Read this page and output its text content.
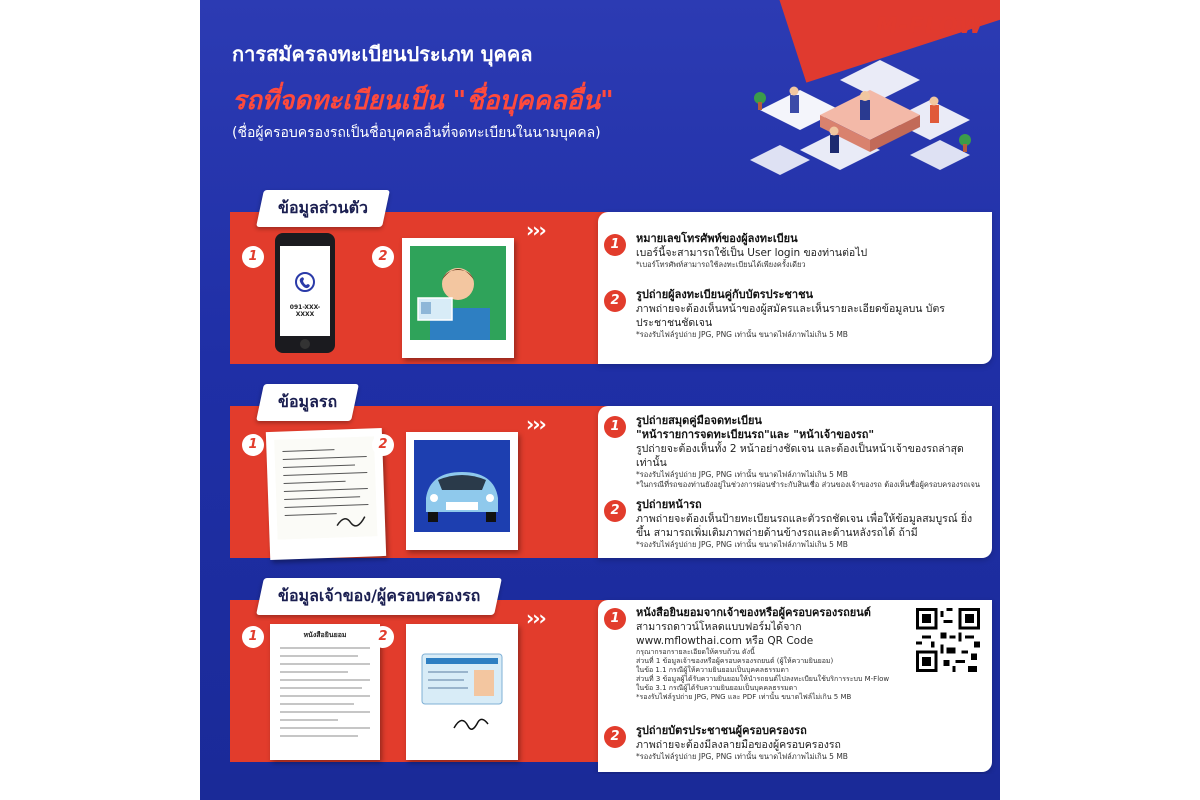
M-FLOW
การสมัครลงทะเบียนประเภท บุคคล
รถที่จดทะเบียนเป็น "ชื่อบุคคลอื่น"
(ชื่อผู้ครอบครองรถเป็นชื่อบุคคลอื่นที่จดทะเบียนในนามบุคคล)
ข้อมูลส่วนตัว
›››
1
091-XXX-XXXX
2
1	หมายเลขโทรศัพท์ของผู้ลงทะเบียน
เบอร์นี้จะสามารถใช้เป็น User login ของท่านต่อไป
*เบอร์โทรศัพท์สามารถใช้ลงทะเบียนได้เพียงครั้งเดียว
2	รูปถ่ายผู้ลงทะเบียนคู่กับบัตรประชาชน
ภาพถ่ายจะต้องเห็นหน้าของผู้สมัครและเห็นรายละเอียดข้อมูลบน บัตรประชาชนชัดเจน
*รองรับไฟล์รูปถ่าย JPG, PNG เท่านั้น ขนาดไฟล์ภาพไม่เกิน 5 MB
ข้อมูลรถ
›››
1	2
1	รูปถ่ายสมุดคู่มือจดทะเบียน
"หน้ารายการจดทะเบียนรถ"และ "หน้าเจ้าของรถ"
รูปถ่ายจะต้องเห็นทั้ง 2 หน้าอย่างชัดเจน และต้องเป็นหน้าเจ้าของรถล่าสุดเท่านั้น
*รองรับไฟล์รูปถ่าย JPG, PNG เท่านั้น ขนาดไฟล์ภาพไม่เกิน 5 MB
*ในกรณีที่รถของท่านยังอยู่ในช่วงการผ่อนชำระกับสินเชื่อ ส่วนของเจ้าของรถ ต้องเห็นชื่อผู้ครอบครองรถเจน
2	รูปถ่ายหน้ารถ
ภาพถ่ายจะต้องเห็นป้ายทะเบียนรถและตัวรถชัดเจน เพื่อให้ข้อมูลสมบูรณ์ ยิ่งขึ้น สามารถเพิ่มเติมภาพถ่ายด้านข้างรถและด้านหลังรถได้ ถ้ามี
*รองรับไฟล์รูปถ่าย JPG, PNG เท่านั้น ขนาดไฟล์ภาพไม่เกิน 5 MB
ข้อมูลเจ้าของ/ผู้ครอบครองรถ
›››
1	หนังสือยินยอม	2
1	หนังสือยินยอมจากเจ้าของหรือผู้ครอบครองรถยนต์
สามารถดาวน์โหลดแบบฟอร์มได้จาก www.mflowthai.com หรือ QR Code
กรุณากรอกรายละเอียดให้ครบถ้วน ดังนี้
ส่วนที่ 1 ข้อมูลเจ้าของหรือผู้ครอบครองรถยนต์ (ผู้ให้ความยินยอม)
ในข้อ 1.1 กรณีผู้ให้ความยินยอมเป็นบุคคลธรรมดา
ส่วนที่ 3 ข้อมูลผู้ได้รับความยินยอมให้นำรถยนต์ไปลงทะเบียนใช้บริการระบบ M-Flow
ในข้อ 3.1 กรณีผู้ได้รับความยินยอมเป็นบุคคลธรรมดา
*รองรับไฟล์รูปถ่าย JPG, PNG และ PDF เท่านั้น ขนาดไฟล์ไม่เกิน 5 MB
2	รูปถ่ายบัตรประชาชนผู้ครอบครองรถ
ภาพถ่ายจะต้องมีลงลายมือของผู้ครอบครองรถ
*รองรับไฟล์รูปถ่าย JPG, PNG เท่านั้น ขนาดไฟล์ภาพไม่เกิน 5 MB
